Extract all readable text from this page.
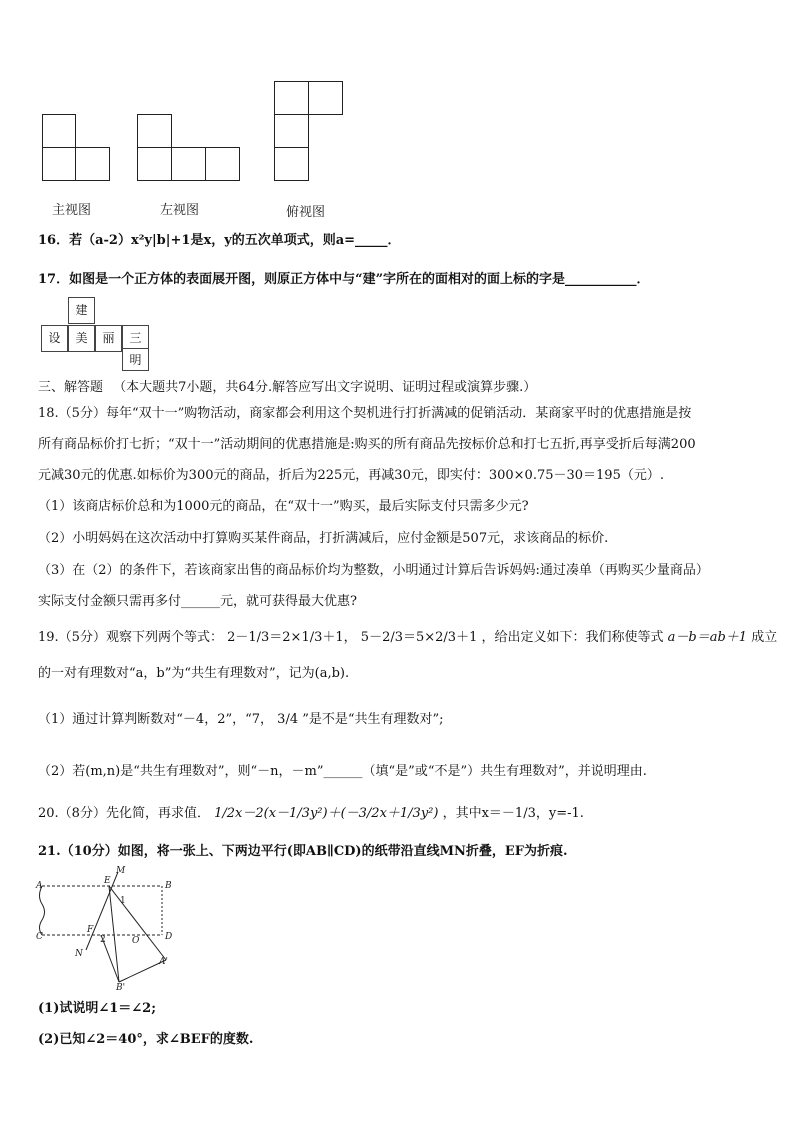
主视图	左视图	俯视图
16．若（a-2）x²y|b|+1是x，y的五次单项式，则a=_____．
17．如图是一个正方体的表面展开图，则原正方体中与“建”字所在的面相对的面上标的字是___________．
建
设	美	丽	三
明
三、解答题 （本大题共7小题，共64分.解答应写出文字说明、证明过程或演算步骤.）
18.（5分）每年“双十一”购物活动，商家都会利用这个契机进行打折满减的促销活动．某商家平时的优惠措施是按
所有商品标价打七折；“双十一”活动期间的优惠措施是:购买的所有商品先按标价总和打七五折,再享受折后每满200
元减30元的优惠.如标价为300元的商品，折后为225元，再减30元，即实付：300×0.75－30＝195（元）.
（1）该商店标价总和为1000元的商品，在“双十一”购买，最后实际支付只需多少元?
（2）小明妈妈在这次活动中打算购买某件商品，打折满减后，应付金额是507元，求该商品的标价.
（3）在（2）的条件下，若该商家出售的商品标价均为整数，小明通过计算后告诉妈妈:通过凑单（再购买少量商品）
实际支付金额只需再多付______元，就可获得最大优惠?
19.（5分）观察下列两个等式： 2－1/3＝2×1/3＋1， 5－2/3＝5×2/3＋1 ，给出定义如下：我们称使等式 a－b＝ab＋1 成立
的一对有理数对“a，b”为“共生有理数对”，记为(a,b).
（1）通过计算判断数对“－4，2”，“7， 3/4 ”是不是“共生有理数对”;
（2）若(m,n)是“共生有理数对”，则“－n，－m”______（填“是”或“不是”）共生有理数对”，并说明理由.
20.（8分）先化简，再求值． 1/2x－2(x－1/3y²)＋(－3/2x＋1/3y²) ，其中x＝－1/3，y=-1.
21.（10分）如图，将一张上、下两边平行(即AB∥CD)的纸带沿直线MN折叠，EF为折痕.
A	B
C	D
E
F
M
N
O
1
2
B'
A'
(1)试说明∠1＝∠2;
(2)已知∠2＝40°，求∠BEF的度数.
